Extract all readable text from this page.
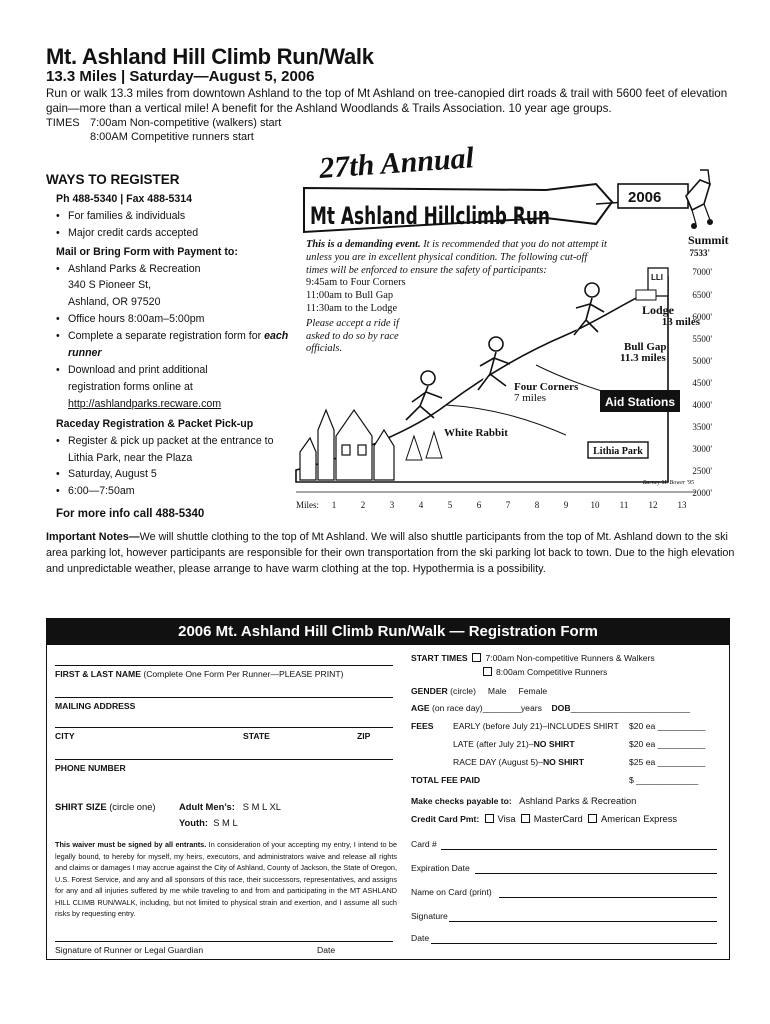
Mt. Ashland Hill Climb Run/Walk
13.3 Miles | Saturday—August 5, 2006
Run or walk 13.3 miles from downtown Ashland to the top of Mt Ashland on tree-canopied dirt roads & trail with 5600 feet of elevation gain—more than a vertical mile! A benefit for the Ashland Woodlands & Trails Association. 10 year age groups.
TIMES 7:00am Non-competitive (walkers) start
8:00AM Competitive runners start
WAYS TO REGISTER
Ph 488-5340 | Fax 488-5314
• For families & individuals
• Major credit cards accepted
Mail or Bring Form with Payment to:
• Ashland Parks & Recreation
340 S Pioneer St,
Ashland, OR 97520
• Office hours 8:00am–5:00pm
• Complete a separate registration form for each
runner
• Download and print additional
registration forms online at
http://ashlandparks.recware.com
Raceday Registration & Packet Pick-up
• Register & pick up packet at the entrance to
Lithia Park, near the Plaza
• Saturday, August 5
• 6:00—7:50am
For more info call 488-5340
27th Annual
Mt Ashland Hillclimb Run
2006
Summit
7533'
7000'
6500'
6000'
5500'
5000'
4500'
4000'
3500'
3000'
2500'
2000'
LLI
Lodge
13 miles
Bull Gap
11.3 miles
Four Corners
7 miles	Aid Stations
White Rabbit
Lithia Park
Barney M. Bower '95
Miles: 1	2	3	4	5	6	7	8	9 10 11 12 13
This is a demanding event. It is recommended that you do not attempt it unless you are in excellent physical condition. The following cut-off times will be enforced to ensure the safety of participants:
9:45am to Four Corners
11:00am to Bull Gap
11:30am to the Lodge
Please accept a ride if asked to do so by race officials.
Important Notes—We will shuttle clothing to the top of Mt Ashland. We will also shuttle participants from the top of Mt. Ashland down to the ski area parking lot, however participants are responsible for their own transportation from the ski parking lot back to town. Due to the high elevation and unpredictable weather, please arrange to have warm clothing at the top. Hypothermia is a possibility.
2006 Mt. Ashland Hill Climb Run/Walk — Registration Form
FIRST & LAST NAME (Complete One Form Per Runner—PLEASE PRINT)
MAILING ADDRESS
CITY	STATE	ZIP
PHONE NUMBER
SHIRT SIZE (circle one) Adult Men’s: S M L XL
Youth: S M L
This waiver must be signed by all entrants. In consideration of your accepting my entry, I intend to be legally bound, to hereby for myself, my heirs, executors, and administrators waive and release all rights and claims or damages I may accrue against the City of Ashland, County of Jackson, the State of Oregon, U.S. Forest Service, and any and all sponsors of this race, their successors, representatives, and assigns for any and all injuries suffered by me while traveling to and from and participating in the MT ASHLAND HILL CLIMB RUN/WALK, including, but not limited to physical strain and exertion, and I assume all such risks by requesting entry.
Signature of Runner or Legal Guardian	Date
START TIMES 7:00am Non-competitive Runners & Walkers
8:00am Competitive Runners
GENDER (circle) Male Female
AGE (on race day)________years DOB_________________________
FEES EARLY (before July 21)–INCLUDES SHIRT $20 ea __________
LATE (after July 21)–NO SHIRT	$20 ea __________
RACE DAY (August 5)–NO SHIRT	$25 ea __________
TOTAL FEE PAID	$ _____________
Make checks payable to: Ashland Parks & Recreation
Credit Card Pmt: Visa MasterCard American Express
Card #
Expiration Date
Name on Card (print)
Signature
Date
